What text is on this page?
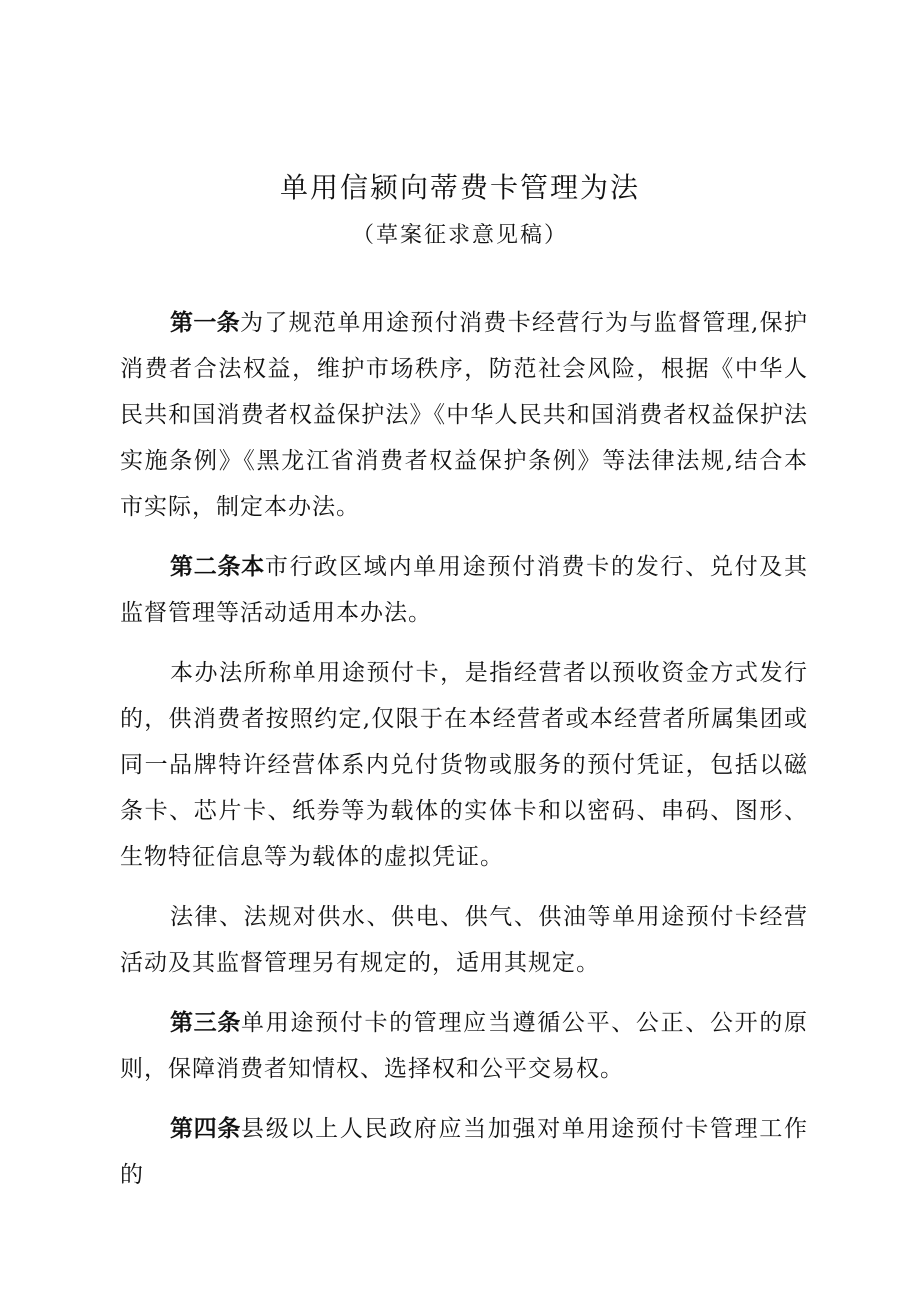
单用信颍向蒂费卡管理为法
（草案征求意见稿）

第一条为了规范单用途预付消费卡经营行为与监督管理,保护消费者合法权益，维护市场秩序，防范社会风险，根据《中华人民共和国消费者权益保护法》《中华人民共和国消费者权益保护法实施条例》《黑龙江省消费者权益保护条例》等法律法规,结合本市实际，制定本办法。

第二条本市行政区域内单用途预付消费卡的发行、兑付及其监督管理等活动适用本办法。

本办法所称单用途预付卡，是指经营者以预收资金方式发行的，供消费者按照约定,仅限于在本经营者或本经营者所属集团或同一品牌特许经营体系内兑付货物或服务的预付凭证，包括以磁条卡、芯片卡、纸券等为载体的实体卡和以密码、串码、图形、生物特征信息等为载体的虚拟凭证。

法律、法规对供水、供电、供气、供油等单用途预付卡经营活动及其监督管理另有规定的，适用其规定。

第三条单用途预付卡的管理应当遵循公平、公正、公开的原则，保障消费者知情权、选择权和公平交易权。

第四条县级以上人民政府应当加强对单用途预付卡管理工作的
